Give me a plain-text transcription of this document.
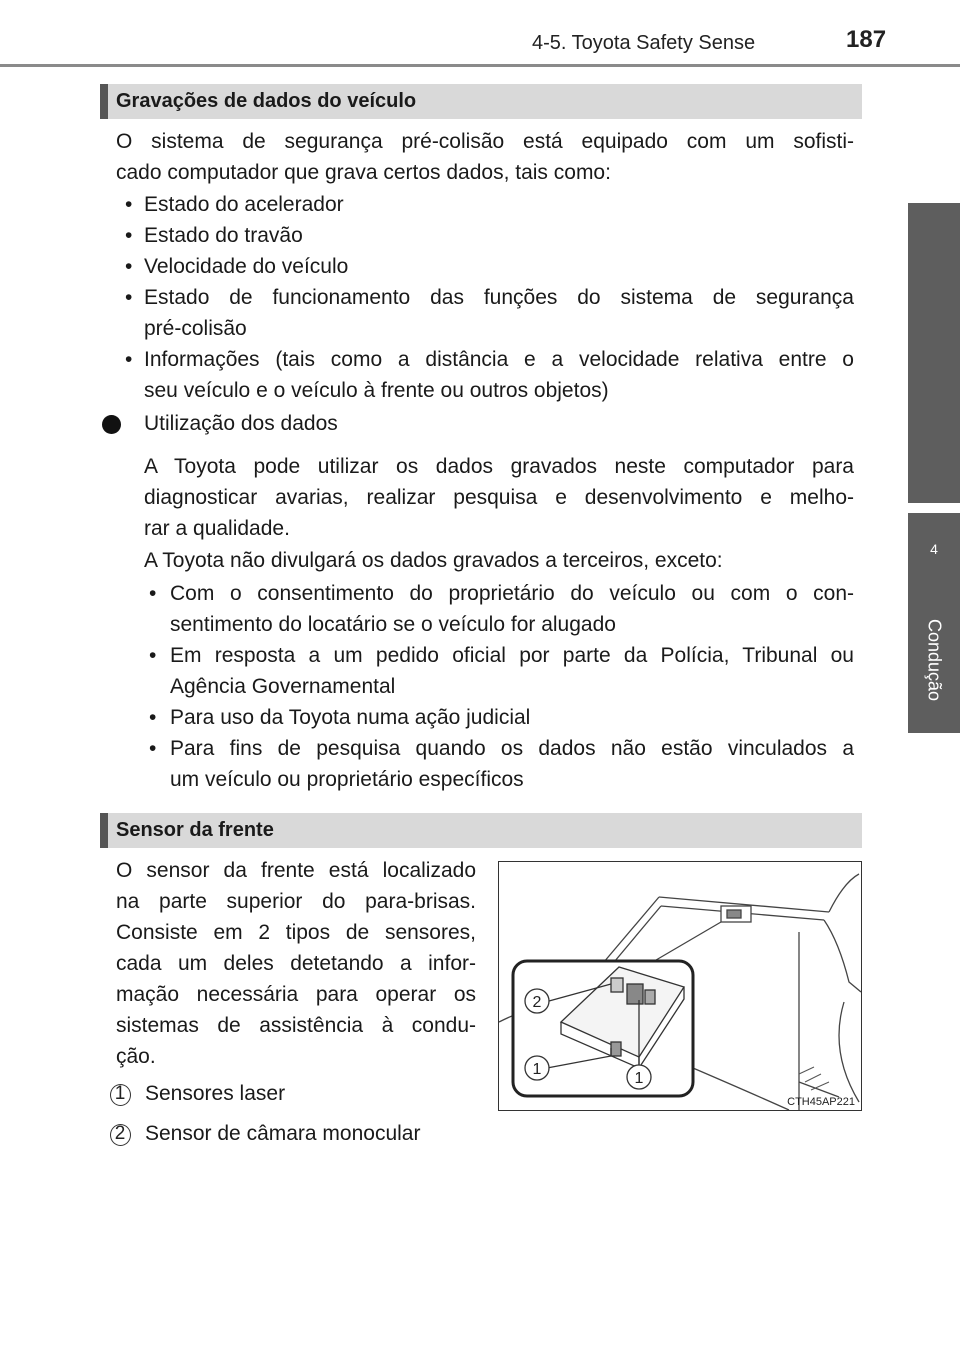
4-5. Toyota Safety Sense	187
4
Condução
Gravações de dados do veículo
O sistema de segurança pré-colisão está equipado com um sofisti-
cado computador que grava certos dados, tais como:
• Estado do acelerador
• Estado do travão
• Velocidade do veículo
• Estado de funcionamento das funções do sistema de segurança
pré-colisão
• Informações (tais como a distância e a velocidade relativa entre o
seu veículo e o veículo à frente ou outros objetos)
Utilização dos dados
A Toyota pode utilizar os dados gravados neste computador para
diagnosticar avarias, realizar pesquisa e desenvolvimento e melho-
rar a qualidade.
A Toyota não divulgará os dados gravados a terceiros, exceto:
• Com o consentimento do proprietário do veículo ou com o con-
sentimento do locatário se o veículo for alugado
• Em resposta a um pedido oficial por parte da Polícia, Tribunal ou
Agência Governamental
• Para uso da Toyota numa ação judicial
• Para fins de pesquisa quando os dados não estão vinculados a
um veículo ou proprietário específicos
Sensor da frente
O sensor da frente está localizado
na parte superior do para-brisas.
Consiste em 2 tipos de sensores,
cada um deles detetando a infor-
mação necessária para operar os
sistemas de assistência à condu-
ção.
1 Sensores laser
2 Sensor de câmara monocular
2
1
1
CTH45AP221
